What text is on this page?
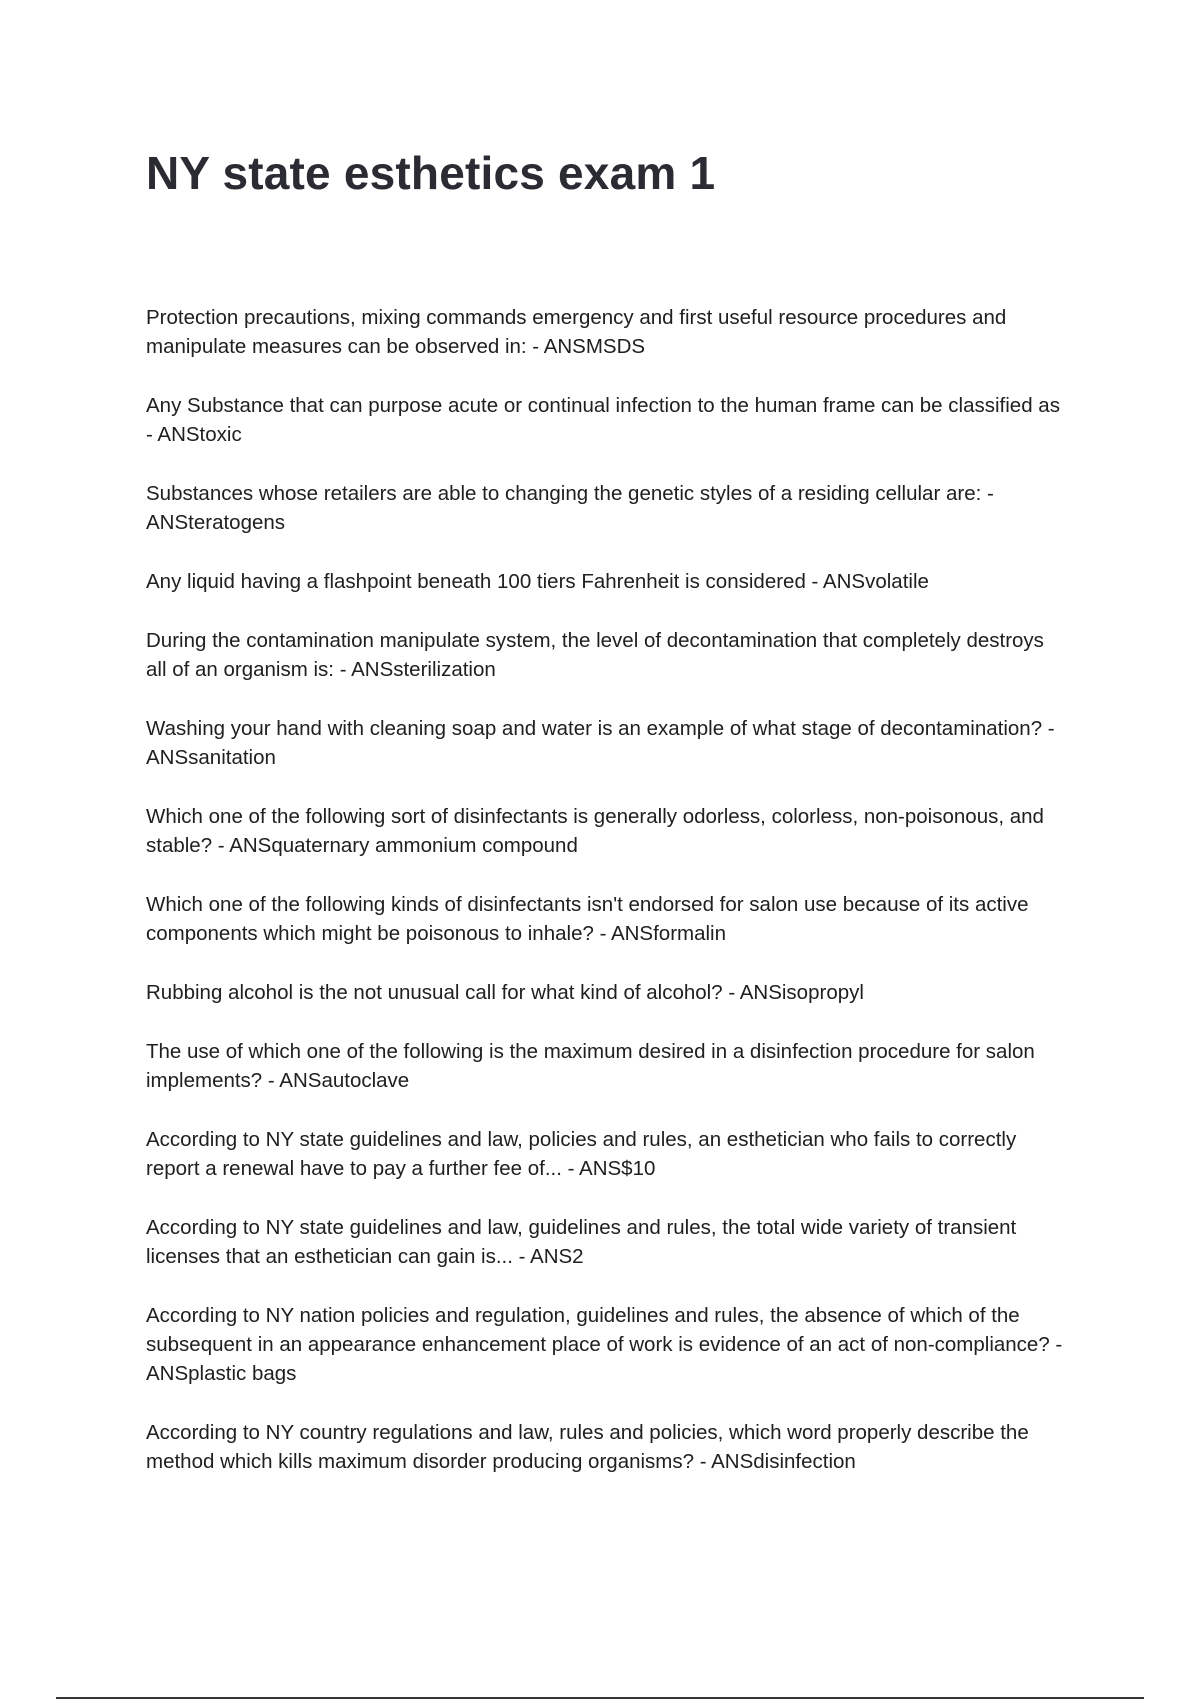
NY state esthetics exam 1

Protection precautions, mixing commands emergency and first useful resource procedures and manipulate measures can be observed in: - ANSMSDS

Any Substance that can purpose acute or continual infection to the human frame can be classified as - ANStoxic

Substances whose retailers are able to changing the genetic styles of a residing cellular are: - ANSteratogens

Any liquid having a flashpoint beneath 100 tiers Fahrenheit is considered - ANSvolatile

During the contamination manipulate system, the level of decontamination that completely destroys all of an organism is: - ANSsterilization

Washing your hand with cleaning soap and water is an example of what stage of decontamination? - ANSsanitation

Which one of the following sort of disinfectants is generally odorless, colorless, non-poisonous, and stable? - ANSquaternary ammonium compound

Which one of the following kinds of disinfectants isn't endorsed for salon use because of its active components which might be poisonous to inhale? - ANSformalin

Rubbing alcohol is the not unusual call for what kind of alcohol? - ANSisopropyl

The use of which one of the following is the maximum desired in a disinfection procedure for salon implements? - ANSautoclave

According to NY state guidelines and law, policies and rules, an esthetician who fails to correctly report a renewal have to pay a further fee of... - ANS$10

According to NY state guidelines and law, guidelines and rules, the total wide variety of transient licenses that an esthetician can gain is... - ANS2

According to NY nation policies and regulation, guidelines and rules, the absence of which of the subsequent in an appearance enhancement place of work is evidence of an act of non-compliance? - ANSplastic bags

According to NY country regulations and law, rules and policies, which word properly describe the method which kills maximum disorder producing organisms? - ANSdisinfection
